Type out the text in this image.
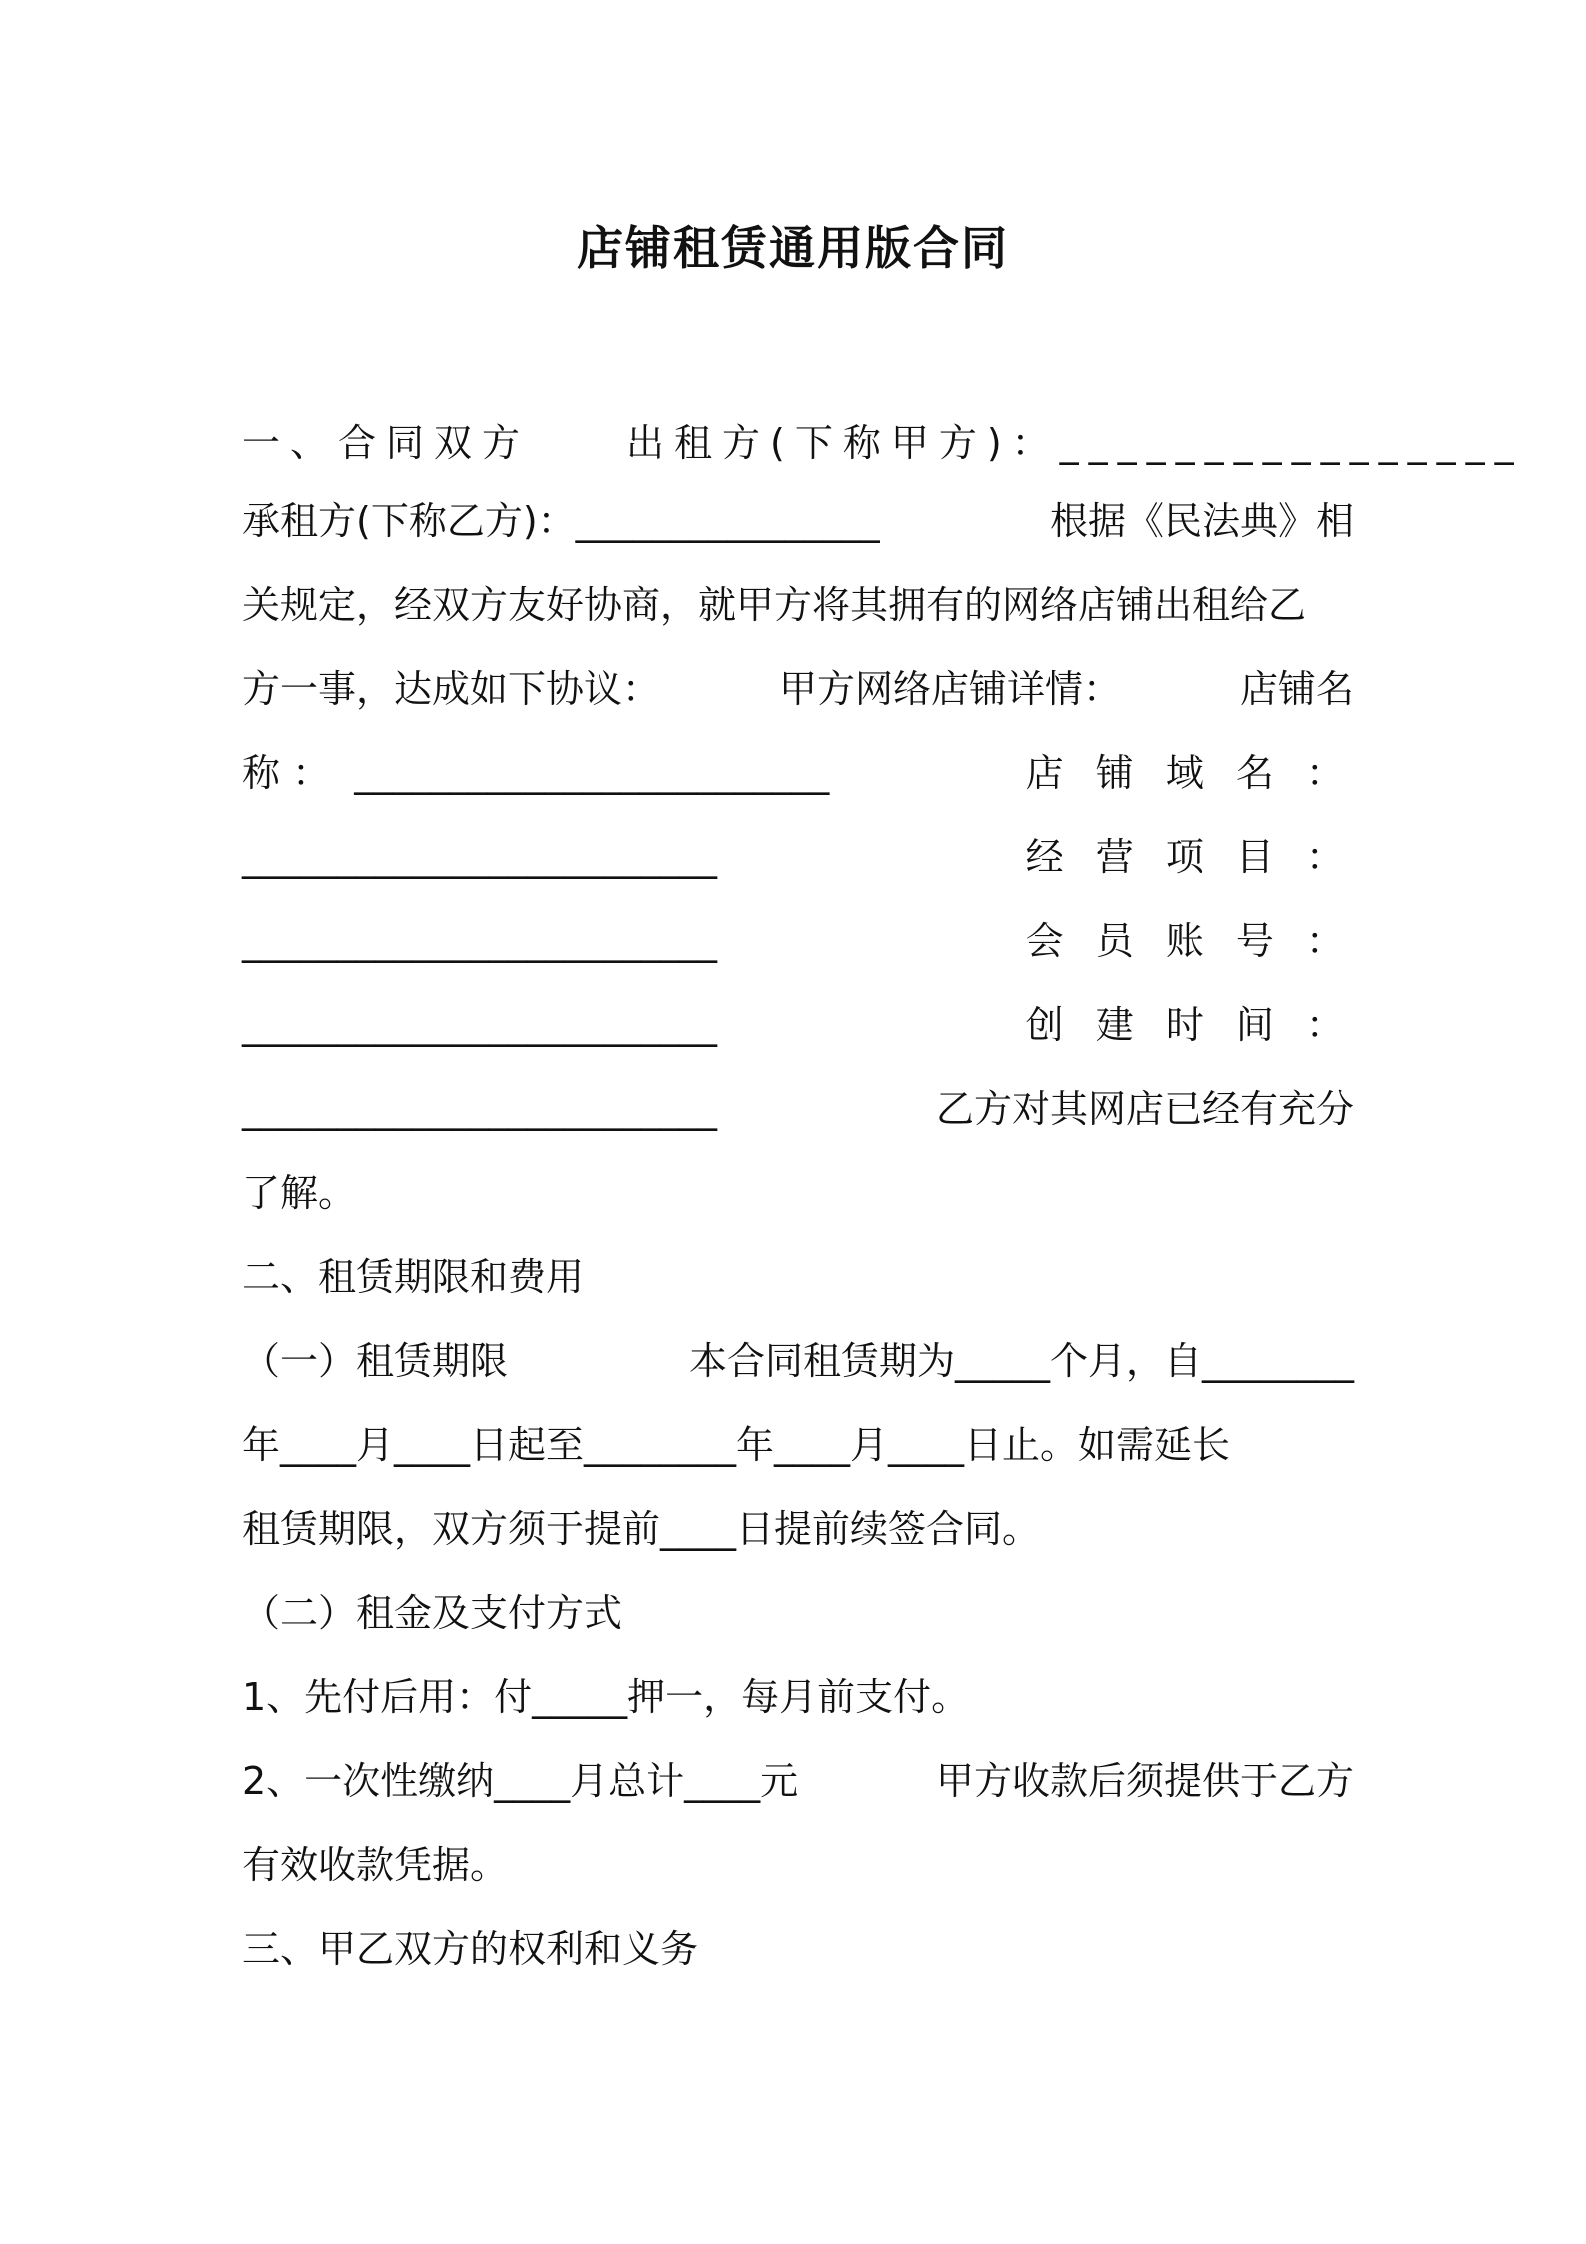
店铺租赁通用版合同
一、合同双方	出租方(下称甲方)：________________
承租方(下称乙方)：________________	根据《民法典》相
关规定，经双方友好协商，就甲方将其拥有的网络店铺出租给乙
方一事，达成如下协议：	甲方网络店铺详情：	店铺名
称 ：  _________________________	店 铺 域 名 ：
_________________________	经 营 项 目 ：
_________________________	会 员 账 号 ：
_________________________	创 建 时 间 ：
_________________________	乙方对其网店已经有充分
了解。
二、租赁期限和费用
（一）租赁期限	本合同租赁期为_____个月，自________
年____月____日起至________年____月____日止。如需延长
租赁期限，双方须于提前____日提前续签合同。
（二）租金及支付方式
1、先付后用：付_____押一，每月前支付。
2、一次性缴纳____月总计____元	甲方收款后须提供于乙方
有效收款凭据。
三、甲乙双方的权利和义务
